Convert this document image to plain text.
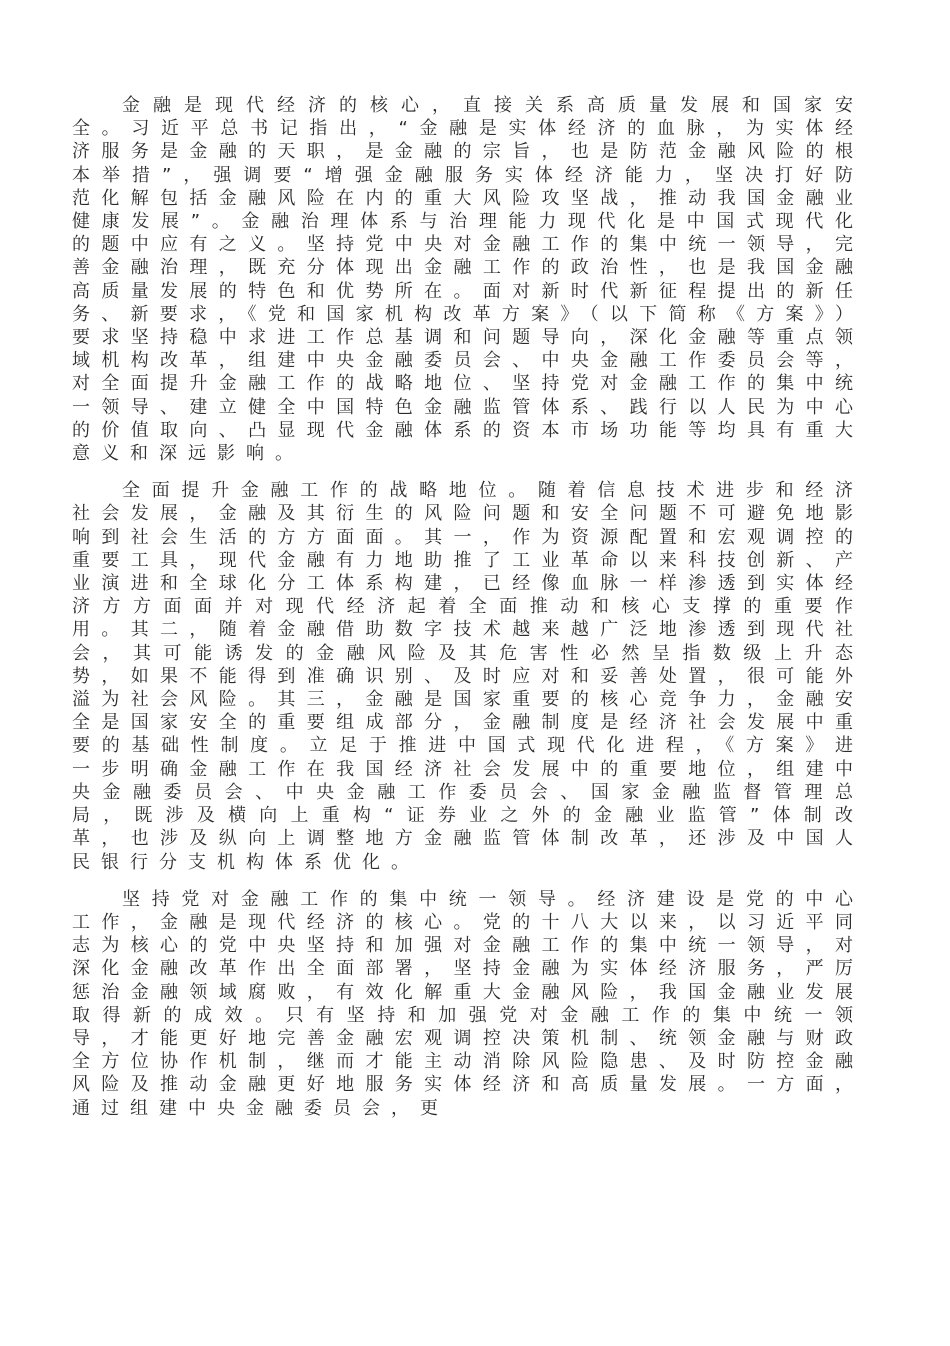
金融是现代经济的核心，直接关系高质量发展和国家安全。习近平总书记指出，“金融是实体经济的血脉，为实体经济服务是金融的天职，是金融的宗旨，也是防范金融风险的根本举措”，强调要“增强金融服务实体经济能力，坚决打好防范化解包括金融风险在内的重大风险攻坚战，推动我国金融业健康发展”。金融治理体系与治理能力现代化是中国式现代化的题中应有之义。坚持党中央对金融工作的集中统一领导，完善金融治理，既充分体现出金融工作的政治性，也是我国金融高质量发展的特色和优势所在。面对新时代新征程提出的新任务、新要求，《党和国家机构改革方案》（以下简称《方案》）要求坚持稳中求进工作总基调和问题导向，深化金融等重点领域机构改革，组建中央金融委员会、中央金融工作委员会等，对全面提升金融工作的战略地位、坚持党对金融工作的集中统一领导、建立健全中国特色金融监管体系、践行以人民为中心的价值取向、凸显现代金融体系的资本市场功能等均具有重大意义和深远影响。

全面提升金融工作的战略地位。随着信息技术进步和经济社会发展，金融及其衍生的风险问题和安全问题不可避免地影响到社会生活的方方面面。其一，作为资源配置和宏观调控的重要工具，现代金融有力地助推了工业革命以来科技创新、产业演进和全球化分工体系构建，已经像血脉一样渗透到实体经济方方面面并对现代经济起着全面推动和核心支撑的重要作用。其二，随着金融借助数字技术越来越广泛地渗透到现代社会，其可能诱发的金融风险及其危害性必然呈指数级上升态势，如果不能得到准确识别、及时应对和妥善处置，很可能外溢为社会风险。其三，金融是国家重要的核心竞争力，金融安全是国家安全的重要组成部分，金融制度是经济社会发展中重要的基础性制度。立足于推进中国式现代化进程，《方案》进一步明确金融工作在我国经济社会发展中的重要地位，组建中央金融委员会、中央金融工作委员会、国家金融监督管理总局，既涉及横向上重构“证券业之外的金融业监管”体制改革，也涉及纵向上调整地方金融监管体制改革，还涉及中国人民银行分支机构体系优化。

坚持党对金融工作的集中统一领导。经济建设是党的中心工作，金融是现代经济的核心。党的十八大以来，以习近平同志为核心的党中央坚持和加强对金融工作的集中统一领导，对深化金融改革作出全面部署，坚持金融为实体经济服务，严厉惩治金融领域腐败，有效化解重大金融风险，我国金融业发展取得新的成效。只有坚持和加强党对金融工作的集中统一领导，才能更好地完善金融宏观调控决策机制、统领金融与财政全方位协作机制，继而才能主动消除风险隐患、及时防控金融风险及推动金融更好地服务实体经济和高质量发展。一方面，通过组建中央金融委员会，更
